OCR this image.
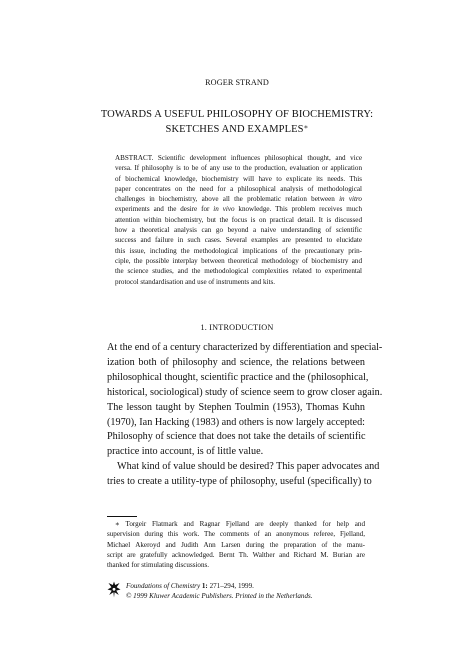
ROGER STRAND
TOWARDS A USEFUL PHILOSOPHY OF BIOCHEMISTRY:
SKETCHES AND EXAMPLES∗
ABSTRACT. Scientific development influences philosophical thought, and vice
versa. If philosophy is to be of any use to the production, evaluation or application
of biochemical knowledge, biochemistry will have to explicate its needs. This
paper concentrates on the need for a philosophical analysis of methodological
challenges in biochemistry, above all the problematic relation between in vitro
experiments and the desire for in vivo knowledge. This problem receives much
attention within biochemistry, but the focus is on practical detail. It is discussed
how a theoretical analysis can go beyond a naive understanding of scientific
success and failure in such cases. Several examples are presented to elucidate
this issue, including the methodological implications of the precautionary prin-
ciple, the possible interplay between theoretical methodology of biochemistry and
the science studies, and the methodological complexities related to experimental
protocol standardisation and use of instruments and kits.
1. INTRODUCTION
At the end of a century characterized by differentiation and special-
ization both of philosophy and science, the relations between
philosophical thought, scientific practice and the (philosophical,
historical, sociological) study of science seem to grow closer again.
The lesson taught by Stephen Toulmin (1953), Thomas Kuhn
(1970), Ian Hacking (1983) and others is now largely accepted:
Philosophy of science that does not take the details of scientific
practice into account, is of little value.
What kind of value should be desired? This paper advocates and
tries to create a utility-type of philosophy, useful (specifically) to
∗ Torgeir Flatmark and Ragnar Fjelland are deeply thanked for help and
supervision during this work. The comments of an anonymous referee, Fjelland,
Michael Akeroyd and Judith Ann Larsen during the preparation of the manu-
script are gratefully acknowledged. Bernt Th. Walther and Richard M. Burian are
thanked for stimulating discussions.
Foundations of Chemistry 1: 271–294, 1999.
© 1999 Kluwer Academic Publishers. Printed in the Netherlands.
